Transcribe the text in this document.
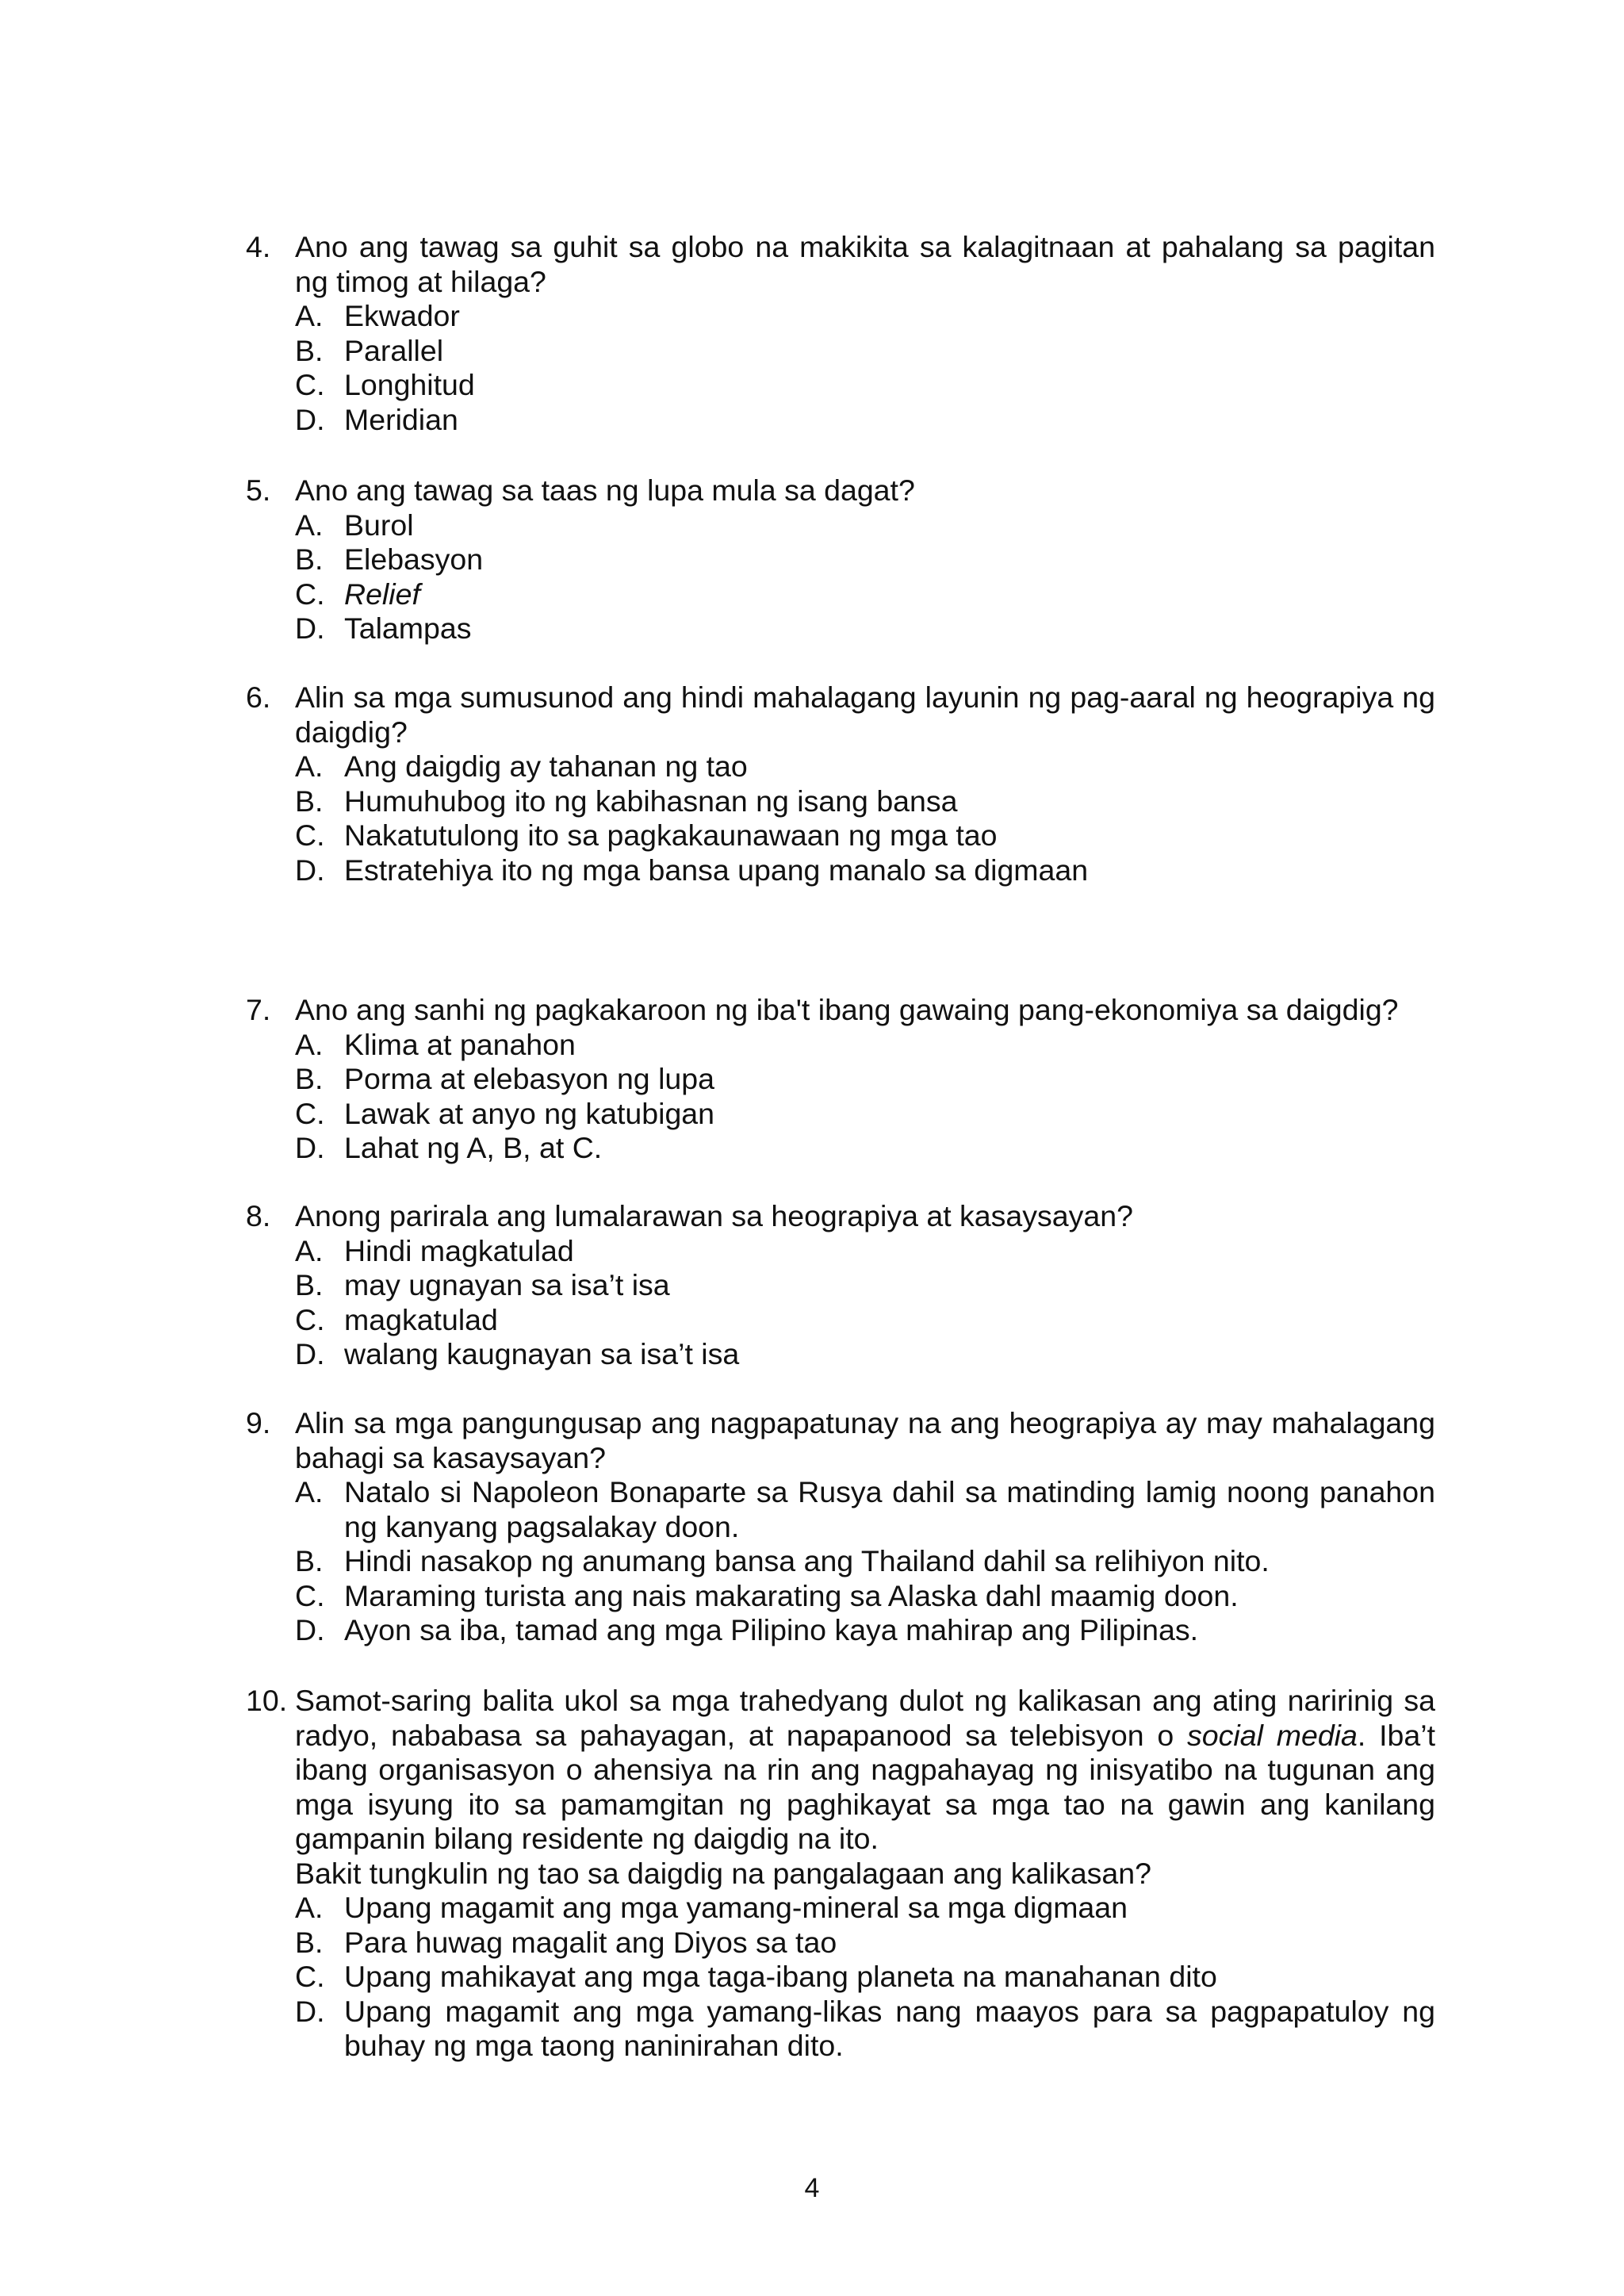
4. Ano ang tawag sa guhit sa globo na makikita sa kalagitnaan at pahalang sa pagitan ng timog at hilaga?
A. Ekwador
B. Parallel
C. Longhitud
D. Meridian
5. Ano ang tawag sa taas ng lupa mula sa dagat?
A. Burol
B. Elebasyon
C. Relief
D. Talampas
6. Alin sa mga sumusunod ang hindi mahalagang layunin ng pag-aaral ng heograpiya ng daigdig?
A. Ang daigdig ay tahanan ng tao
B. Humuhubog ito ng kabihasnan ng isang bansa
C. Nakatutulong ito sa pagkakaunawaan ng mga tao
D. Estratehiya ito ng mga bansa upang manalo sa digmaan
7. Ano ang sanhi ng pagkakaroon ng iba't ibang gawaing pang-ekonomiya sa daigdig?
A. Klima at panahon
B. Porma at elebasyon ng lupa
C. Lawak at anyo ng katubigan
D. Lahat ng A, B, at C.
8. Anong parirala ang lumalarawan sa heograpiya at kasaysayan?
A. Hindi magkatulad
B. may ugnayan sa isa’t isa
C. magkatulad
D. walang kaugnayan sa isa’t isa
9. Alin sa mga pangungusap ang nagpapatunay na ang heograpiya ay may mahalagang bahagi sa kasaysayan?
A. Natalo si Napoleon Bonaparte sa Rusya dahil sa matinding lamig noong panahon ng kanyang pagsalakay doon.
B. Hindi nasakop ng anumang bansa ang Thailand dahil sa relihiyon nito.
C. Maraming turista ang nais makarating sa Alaska dahl maamig doon.
D. Ayon sa iba, tamad ang mga Pilipino kaya mahirap ang Pilipinas.
10. Samot-saring balita ukol sa mga trahedyang dulot ng kalikasan ang ating naririnig sa radyo, nababasa sa pahayagan, at napapanood sa telebisyon o social media. Iba’t ibang organisasyon o ahensiya na rin ang nagpahayag ng inisyatibo na tugunan ang mga isyung ito sa pamamgitan ng paghikayat sa mga tao na gawin ang kanilang gampanin bilang residente ng daigdig na ito.
Bakit tungkulin ng tao sa daigdig na pangalagaan ang kalikasan?
A. Upang magamit ang mga yamang-mineral sa mga digmaan
B. Para huwag magalit ang Diyos sa tao
C. Upang mahikayat ang mga taga-ibang planeta na manahanan dito
D. Upang magamit ang mga yamang-likas nang maayos para sa pagpapatuloy ng buhay ng mga taong naninirahan dito.
4
